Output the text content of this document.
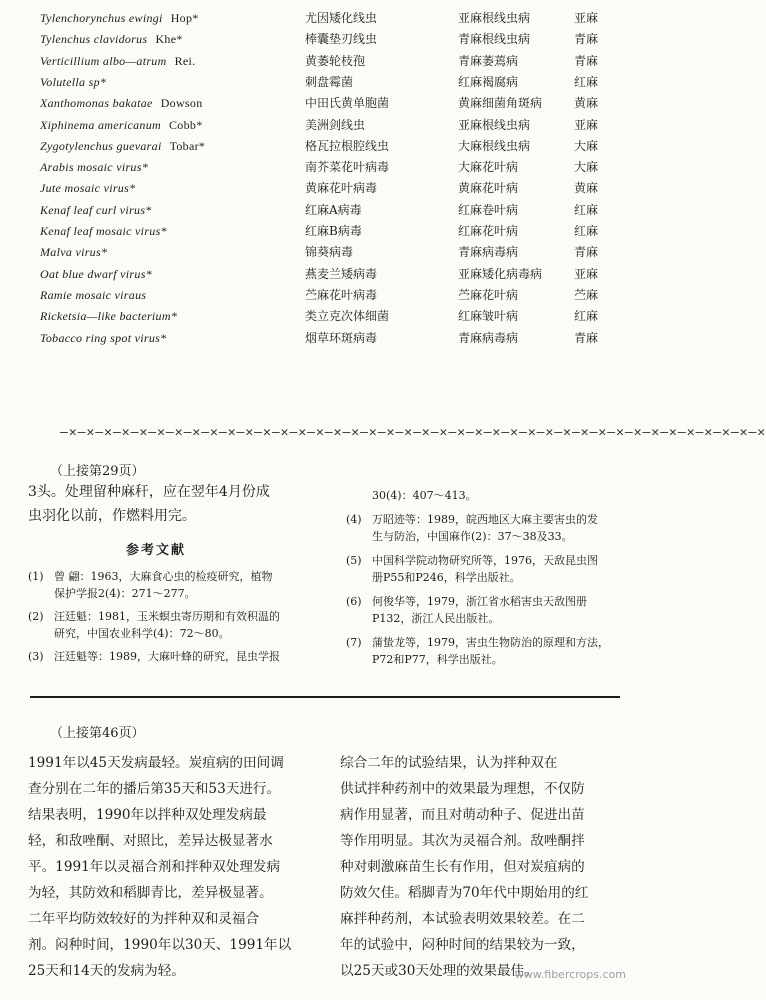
Tylenchorynchus ewingi Hop*	尤因矮化线虫	亚麻根线虫病	亚麻
Tylenchus clavidorus Khe*	棒囊垫刃线虫	青麻根线虫病	青麻
Verticillium albo—atrum Rei.	黄萎轮枝孢	青麻萎蔫病	青麻
Volutella sp*	刺盘霉菌	红麻褐腐病	红麻
Xanthomonas bakatae Dowson	中田氏黄单胞菌	黄麻细菌角斑病	黄麻
Xiphinema americanum Cobb*	美洲剑线虫	亚麻根线虫病	亚麻
Zygotylenchus guevarai Tobar*	格瓦拉根腔线虫	大麻根线虫病	大麻
Arabis mosaic virus*	南芥菜花叶病毒	大麻花叶病	大麻
Jute mosaic virus*	黄麻花叶病毒	黄麻花叶病	黄麻
Kenaf leaf curl virus*	红麻A病毒	红麻卷叶病	红麻
Kenaf leaf mosaic virus*	红麻B病毒	红麻花叶病	红麻
Malva virus*	锦葵病毒	青麻病毒病	青麻
Oat blue dwarf virus*	燕麦兰矮病毒	亚麻矮化病毒病	亚麻
Ramie mosaic viraus	苎麻花叶病毒	苎麻花叶病	苎麻
Ricketsia—like bacterium*	类立克次体细菌	红麻皱叶病	红麻
Tobacco ring spot virus*	烟草环斑病毒	青麻病毒病	青麻
—✕—✕—✕—✕—✕—✕—✕—✕—✕—✕—✕—✕—✕—✕—✕—✕—✕—✕—✕—✕—✕—✕—✕—✕—✕—✕—✕—✕—✕—✕—✕—✕—✕—✕—✕—✕—✕—✕—✕—✕
（上接第29页）
3头。处理留种麻秆，应在翌年4月份成
虫羽化以前，作燃料用完。
参考文献
(1) 曾 翩：1963，大麻食心虫的检疫研究，植物
保护学报2(4)：271～277。
(2) 汪廷魁：1981，玉米螟虫寄历期和有效积温的
研究，中国农业科学(4)：72～80。
(3) 汪廷魁等：1989，大麻叶蜂的研究，昆虫学报
30(4)：407～413。
(4) 万昭迹等：1989，皖西地区大麻主要害虫的发
生与防治，中国麻作(2)：37～38及33。
(5) 中国科学院动物研究所等，1976，天敌昆虫图
册P55和P246，科学出版社。
(6) 何俊华等，1979，浙江省水稻害虫天敌图册
P132，浙江人民出版社。
(7) 蒲蛰龙等，1979，害虫生物防治的原理和方法，
P72和P77，科学出版社。
（上接第46页）
1991年以45天发病最轻。炭疽病的田间调
查分别在二年的播后第35天和53天进行。
结果表明，1990年以拌种双处理发病最
轻，和敌唑酮、对照比，差异达极显著水
平。1991年以灵福合剂和拌种双处理发病
为轻，其防效和稻脚青比，差异极显著。
二年平均防效较好的为拌种双和灵福合
剂。闷种时间，1990年以30天、1991年以
25天和14天的发病为轻。
综合二年的试验结果，认为拌种双在
供试拌种药剂中的效果最为理想，不仅防
病作用显著，而且对萌动种子、促进出苗
等作用明显。其次为灵福合剂。敌唑酮拌
种对刺激麻苗生长有作用，但对炭疽病的
防效欠佳。稻脚青为70年代中期始用的红
麻拌种药剂，本试验表明效果较差。在二
年的试验中，闷种时间的结果较为一致，
以25天或30天处理的效果最佳。
www.fibercrops.com
